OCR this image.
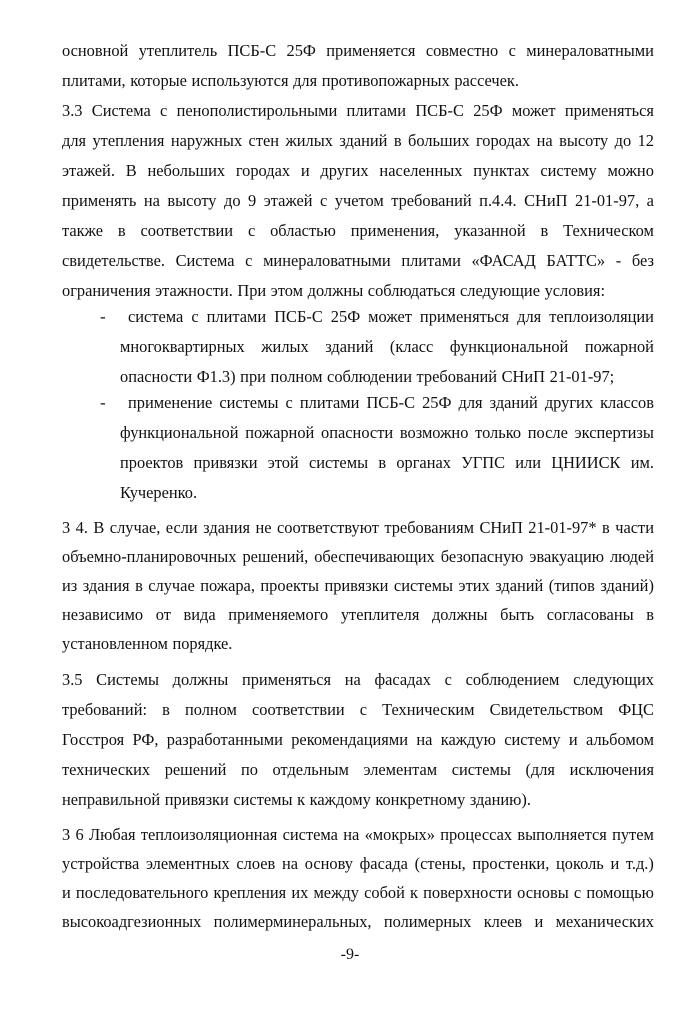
основной утеплитель ПСБ-С 25Ф применяется совместно с минераловатными
плитами, которые используются для противопожарных рассечек.
3.3 Система с пенополистирольными плитами ПСБ-С 25Ф может применяться
для утепления наружных стен жилых зданий в больших городах на высоту до 12
этажей. В небольших городах и других населенных пунктах систему можно
применять на высоту до 9 этажей с учетом требований п.4.4. СНиП 21-01-97, а
также в соответствии с областью применения, указанной в Техническом
свидетельстве. Система с минераловатными плитами «ФАСАД БАТТС» - без
ограничения этажности. При этом должны соблюдаться следующие условия:
- система с плитами ПСБ-С 25Ф может применяться для теплоизоляции
многоквартирных жилых зданий (класс функциональной пожарной
опасности Ф1.3) при полном соблюдении требований СНиП 21-01-97;
- применение системы с плитами ПСБ-С 25Ф для зданий других классов
функциональной пожарной опасности возможно только после экспертизы
проектов привязки этой системы в органах УГПС или ЦНИИСК им.
Кучеренко.
3 4. В случае, если здания не соответствуют требованиям СНиП 21-01-97* в части
объемно-планировочных решений, обеспечивающих безопасную эвакуацию людей
из здания в случае пожара, проекты привязки системы этих зданий (типов зданий)
независимо от вида применяемого утеплителя должны быть согласованы в
установленном порядке.
3.5 Системы должны применяться на фасадах с соблюдением следующих
требований: в полном соответствии с Техническим Свидетельством ФЦС
Госстроя РФ, разработанными рекомендациями на каждую систему и альбомом
технических решений по отдельным элементам системы (для исключения
неправильной привязки системы к каждому конкретному зданию).
3 6 Любая теплоизоляционная система на «мокрых» процессах выполняется путем
устройства элементных слоев на основу фасада (стены, простенки, цоколь и т.д.)
и последовательного крепления их между собой к поверхности основы с помощью
высокоадгезионных полимерминеральных, полимерных клеев и механических
-9-
